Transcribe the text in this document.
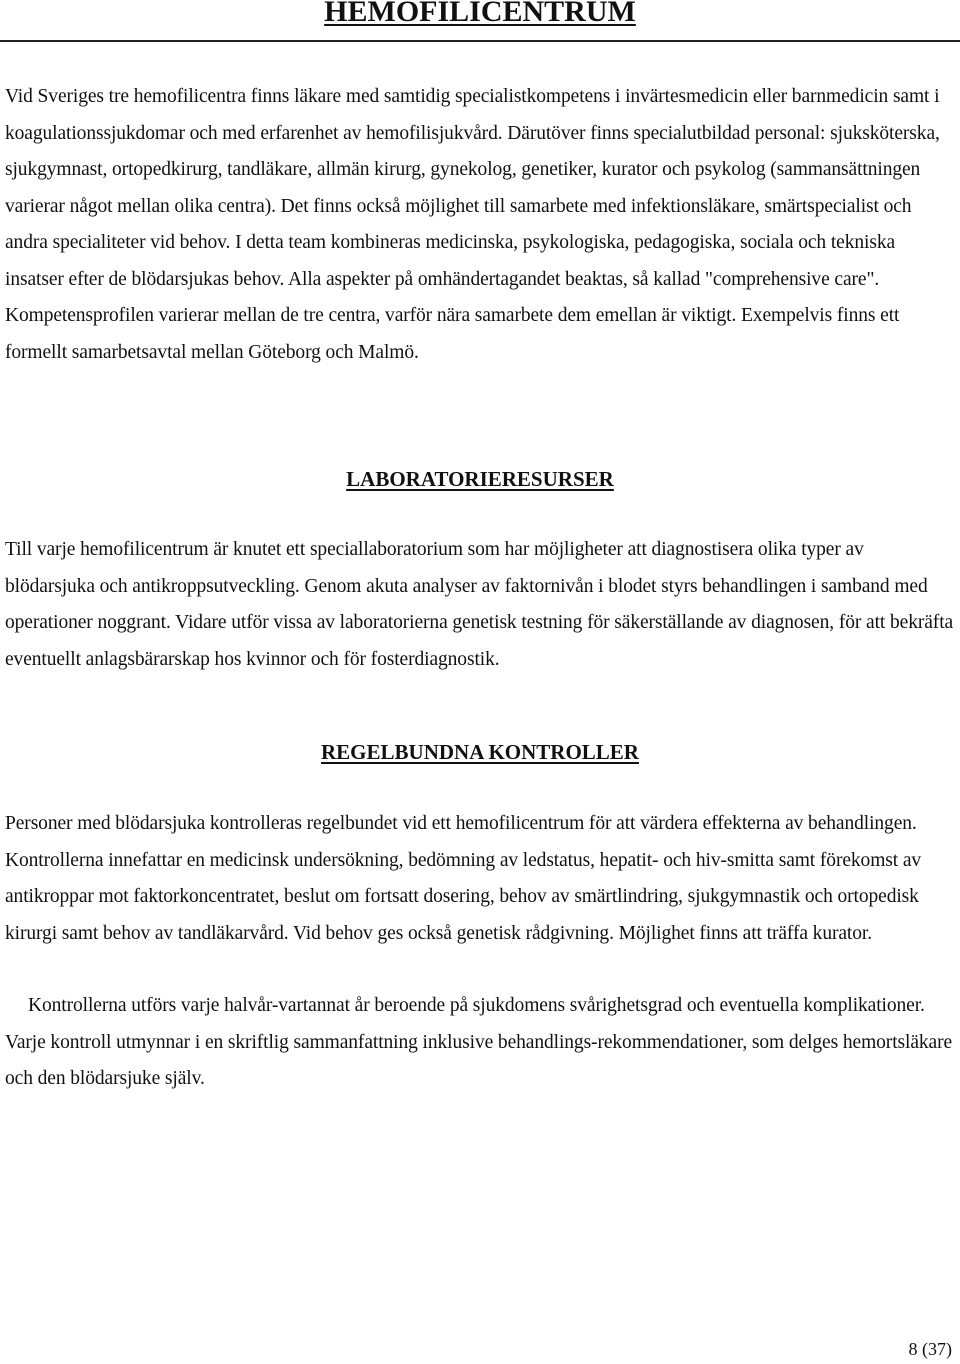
HEMOFILICENTRUM

Vid Sveriges tre hemofilicentra finns läkare med samtidig specialistkompetens i invärtesmedicin eller barnmedicin samt i koagulationssjukdomar och med erfarenhet av hemofilisjukvård. Därutöver finns specialutbildad personal: sjuksköterska, sjukgymnast, ortopedkirurg, tandläkare, allmän kirurg, gynekolog, genetiker, kurator och psykolog (sammansättningen varierar något mellan olika centra). Det finns också möjlighet till samarbete med infektionsläkare, smärtspecialist och andra specialiteter vid behov. I detta team kombineras medicinska, psykologiska, pedagogiska, sociala och tekniska insatser efter de blödarsjukas behov. Alla aspekter på omhändertagandet beaktas, så kallad "comprehensive care". Kompetensprofilen varierar mellan de tre centra, varför nära samarbete dem emellan är viktigt. Exempelvis finns ett formellt samarbetsavtal mellan Göteborg och Malmö.

LABORATORIERESURSER

Till varje hemofilicentrum är knutet ett speciallaboratorium som har möjligheter att diagnostisera olika typer av blödarsjuka och antikroppsutveckling. Genom akuta analyser av faktornivån i blodet styrs behandlingen i samband med operationer noggrant. Vidare utför vissa av laboratorierna genetisk testning för säkerställande av diagnosen, för att bekräfta eventuellt anlagsbärarskap hos kvinnor och för fosterdiagnostik.

REGELBUNDNA KONTROLLER

Personer med blödarsjuka kontrolleras regelbundet vid ett hemofilicentrum för att värdera effekterna av behandlingen. Kontrollerna innefattar en medicinsk undersökning, bedömning av ledstatus, hepatit- och hiv-smitta samt förekomst av antikroppar mot faktorkoncentratet, beslut om fortsatt dosering, behov av smärtlindring, sjukgymnastik och ortopedisk kirurgi samt behov av tandläkarvård. Vid behov ges också genetisk rådgivning. Möjlighet finns att träffa kurator.

Kontrollerna utförs varje halvår-vartannat år beroende på sjukdomens svårighetsgrad och eventuella komplikationer. Varje kontroll utmynnar i en skriftlig sammanfattning inklusive behandlings-rekommendationer, som delges hemortsläkare och den blödarsjuke själv.

8 (37)
